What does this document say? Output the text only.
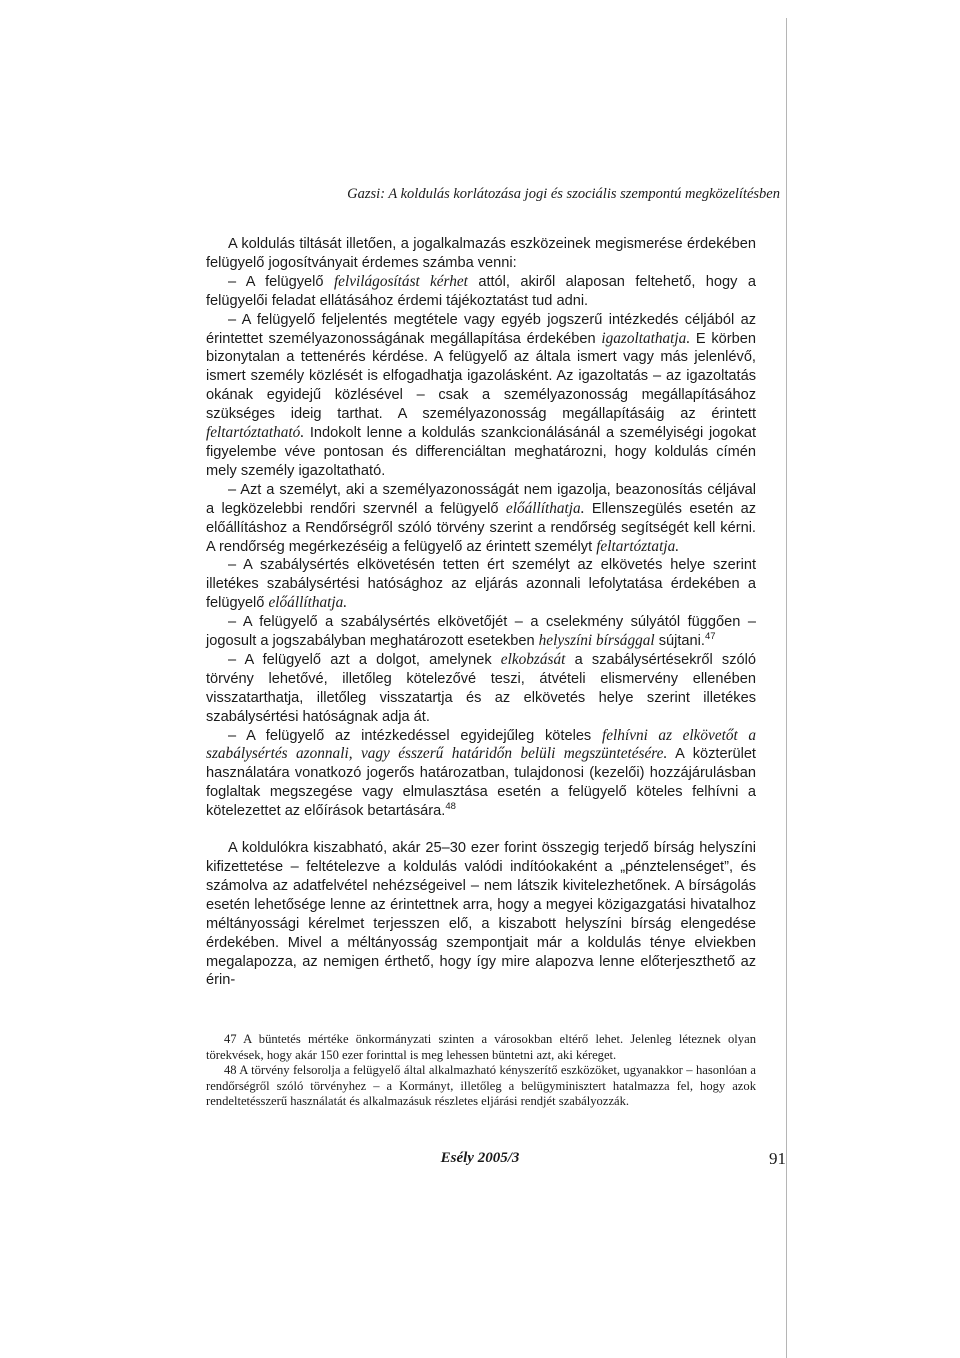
Gazsi: A koldulás korlátozása jogi és szociális szempontú megközelítésben

A koldulás tiltását illetően, a jogalkalmazás eszközeinek megismerése érdekében felügyelő jogosítványait érdemes számba venni:

– A felügyelő felvilágosítást kérhet attól, akiről alaposan feltehető, hogy a felügyelői feladat ellátásához érdemi tájékoztatást tud adni.

– A felügyelő feljelentés megtétele vagy egyéb jogszerű intézkedés céljából az érintettet személyazonosságának megállapítása érdekében igazoltathatja. E körben bizonytalan a tettenérés kérdése. A felügyelő az általa ismert vagy más jelenlévő, ismert személy közlését is elfogadhatja igazolásként. Az igazoltatás – az igazoltatás okának egyidejű közlésével – csak a személyazonosság megállapításához szükséges ideig tarthat. A személyazonosság megállapításáig az érintett feltartóztatható. Indokolt lenne a koldulás szankcionálásánál a személyiségi jogokat figyelembe véve pontosan és differenciáltan meghatározni, hogy koldulás címén mely személy igazoltatható.

– Azt a személyt, aki a személyazonosságát nem igazolja, beazonosítás céljával a legközelebbi rendőri szervnél a felügyelő előállíthatja. Ellenszegülés esetén az előállításhoz a Rendőrségről szóló törvény szerint a rendőrség segítségét kell kérni. A rendőrség megérkezéséig a felügyelő az érintett személyt feltartóztatja.

– A szabálysértés elkövetésén tetten ért személyt az elkövetés helye szerint illetékes szabálysértési hatósághoz az eljárás azonnali lefolytatása érdekében a felügyelő előállíthatja.

– A felügyelő a szabálysértés elkövetőjét – a cselekmény súlyától függően – jogosult a jogszabályban meghatározott esetekben helyszíni bírsággal sújtani.$^{47}$

– A felügyelő azt a dolgot, amelynek elkobzását a szabálysértésekről szóló törvény lehetővé, illetőleg kötelezővé teszi, átvételi elismervény ellenében visszatarthatja, illetőleg visszatartja és az elkövetés helye szerint illetékes szabálysértési hatóságnak adja át.

– A felügyelő az intézkedéssel egyidejűleg köteles felhívni az elkövetőt a szabálysértés azonnali, vagy ésszerű határidőn belüli megszüntetésére. A közterület használatára vonatkozó jogerős határozatban, tulajdonosi (kezelői) hozzájárulásban foglaltak megszegése vagy elmulasztása esetén a felügyelő köteles felhívni a kötelezettet az előírások betartására.$^{48}$

A koldulókra kiszabható, akár 25–30 ezer forint összegig terjedő bírság helyszíni kifizettetése – feltételezve a koldulás valódi indítóokaként a „pénztelenséget”, és számolva az adatfelvétel nehézségeivel – nem látszik kivitelezhetőnek. A bírságolás esetén lehetősége lenne az érintettnek arra, hogy a megyei közigazgatási hivatalhoz méltányossági kérelmet terjesszen elő, a kiszabott helyszíni bírság elengedése érdekében. Mivel a méltányosság szempontjait már a koldulás ténye elviekben megalapozza, az nemigen érthető, hogy így mire alapozva lenne előterjeszthető az érin-

47 A büntetés mértéke önkormányzati szinten a városokban eltérő lehet. Jelenleg léteznek olyan törekvések, hogy akár 150 ezer forinttal is meg lehessen büntetni azt, aki kéreget.

48 A törvény felsorolja a felügyelő által alkalmazható kényszerítő eszközöket, ugyanakkor – hasonlóan a rendőrségről szóló törvényhez – a Kormányt, illetőleg a belügyminisztert hatalmazza fel, hogy azok rendeltetésszerű használatát és alkalmazásuk részletes eljárási rendjét szabályozzák.

Esély 2005/3	91
